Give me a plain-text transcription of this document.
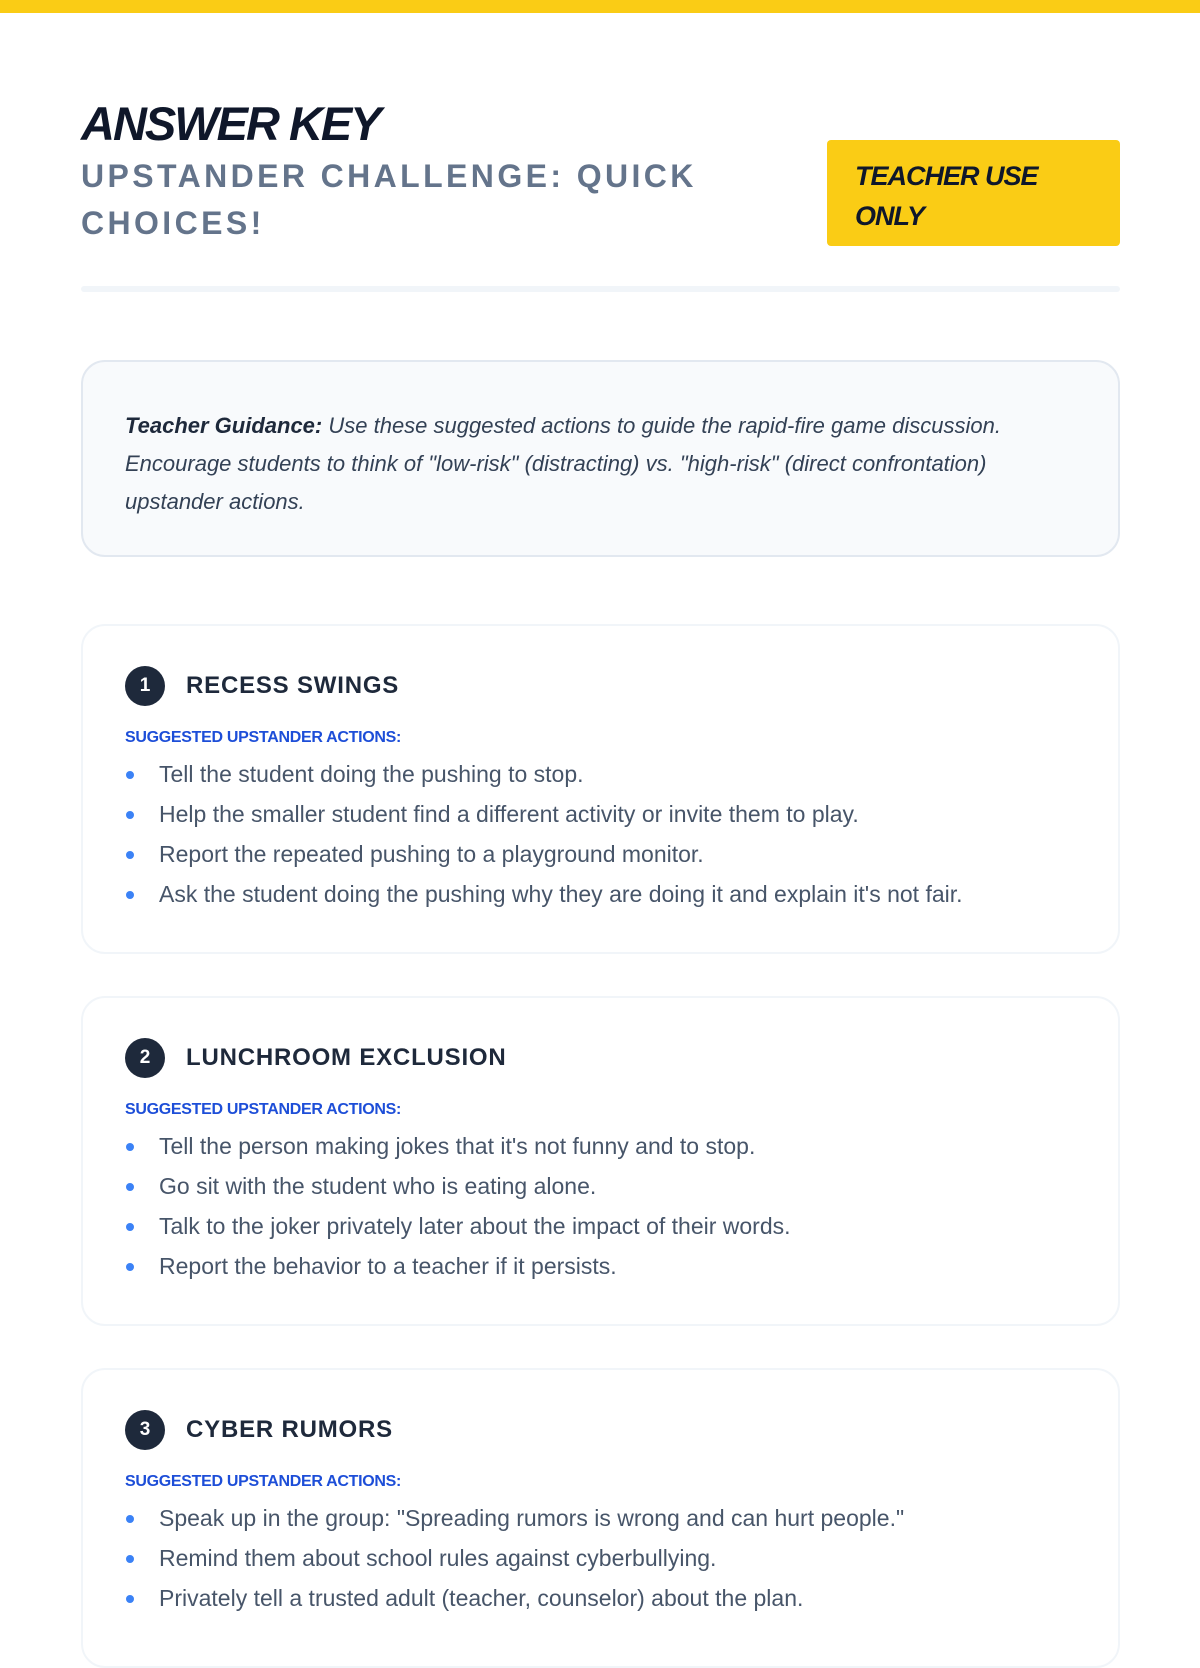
ANSWER KEY
UPSTANDER CHALLENGE: QUICK CHOICES!
TEACHER USE ONLY
Teacher Guidance: Use these suggested actions to guide the rapid-fire game discussion. Encourage students to think of "low-risk" (distracting) vs. "high-risk" (direct confrontation) upstander actions.
1	RECESS SWINGS
SUGGESTED UPSTANDER ACTIONS:
Tell the student doing the pushing to stop.
Help the smaller student find a different activity or invite them to play.
Report the repeated pushing to a playground monitor.
Ask the student doing the pushing why they are doing it and explain it's not fair.
2	LUNCHROOM EXCLUSION
SUGGESTED UPSTANDER ACTIONS:
Tell the person making jokes that it's not funny and to stop.
Go sit with the student who is eating alone.
Talk to the joker privately later about the impact of their words.
Report the behavior to a teacher if it persists.
3	CYBER RUMORS
SUGGESTED UPSTANDER ACTIONS:
Speak up in the group: "Spreading rumors is wrong and can hurt people."
Remind them about school rules against cyberbullying.
Privately tell a trusted adult (teacher, counselor) about the plan.
